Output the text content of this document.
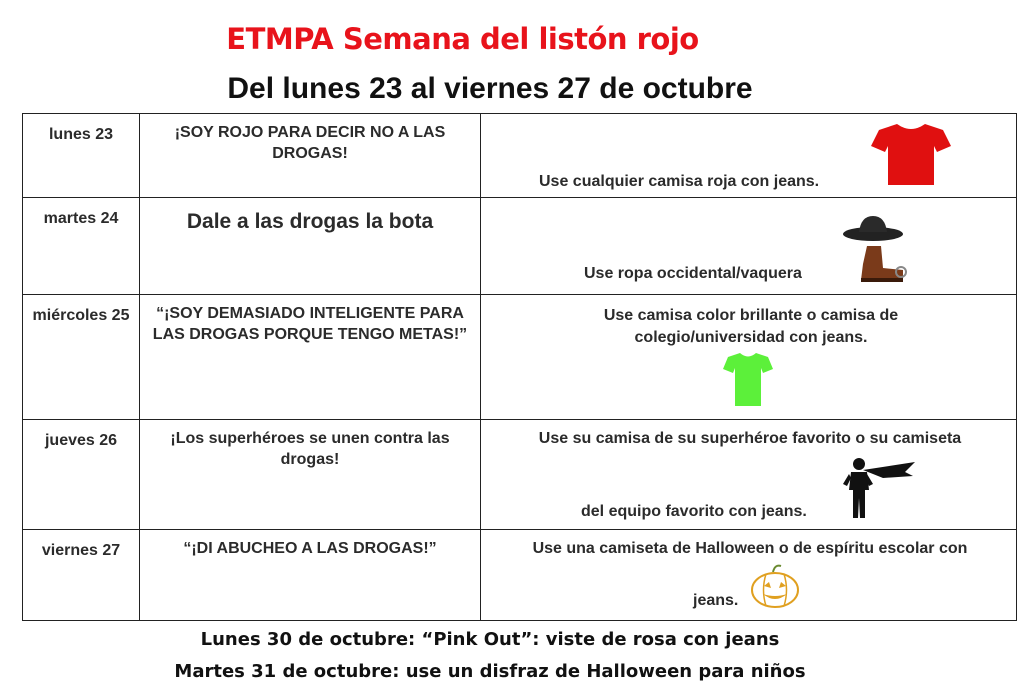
ETMPA Semana del listón rojo
Del lunes 23 al viernes 27 de octubre
lunes 23	¡SOY ROJO PARA DECIR NO A LAS DROGAS!	Use cualquier camisa roja con jeans.

martes 24	Dale a las drogas la bota	Use ropa occidental/vaquera

miércoles 25	“¡SOY DEMASIADO INTELIGENTE PARA LAS DROGAS PORQUE TENGO METAS!”	Use camisa color brillante o camisa de colegio/universidad con jeans.

jueves 26	¡Los superhéroes se unen contra las drogas!	Use su camisa de su superhéroe favorito o su camiseta
del equipo favorito con jeans.

viernes 27	“¡DI ABUCHEO A LAS DROGAS!”	Use una camiseta de Halloween o de espíritu escolar con
jeans.
Lunes 30 de octubre: “Pink Out”: viste de rosa con jeans
Martes 31 de octubre: use un disfraz de Halloween para niños
